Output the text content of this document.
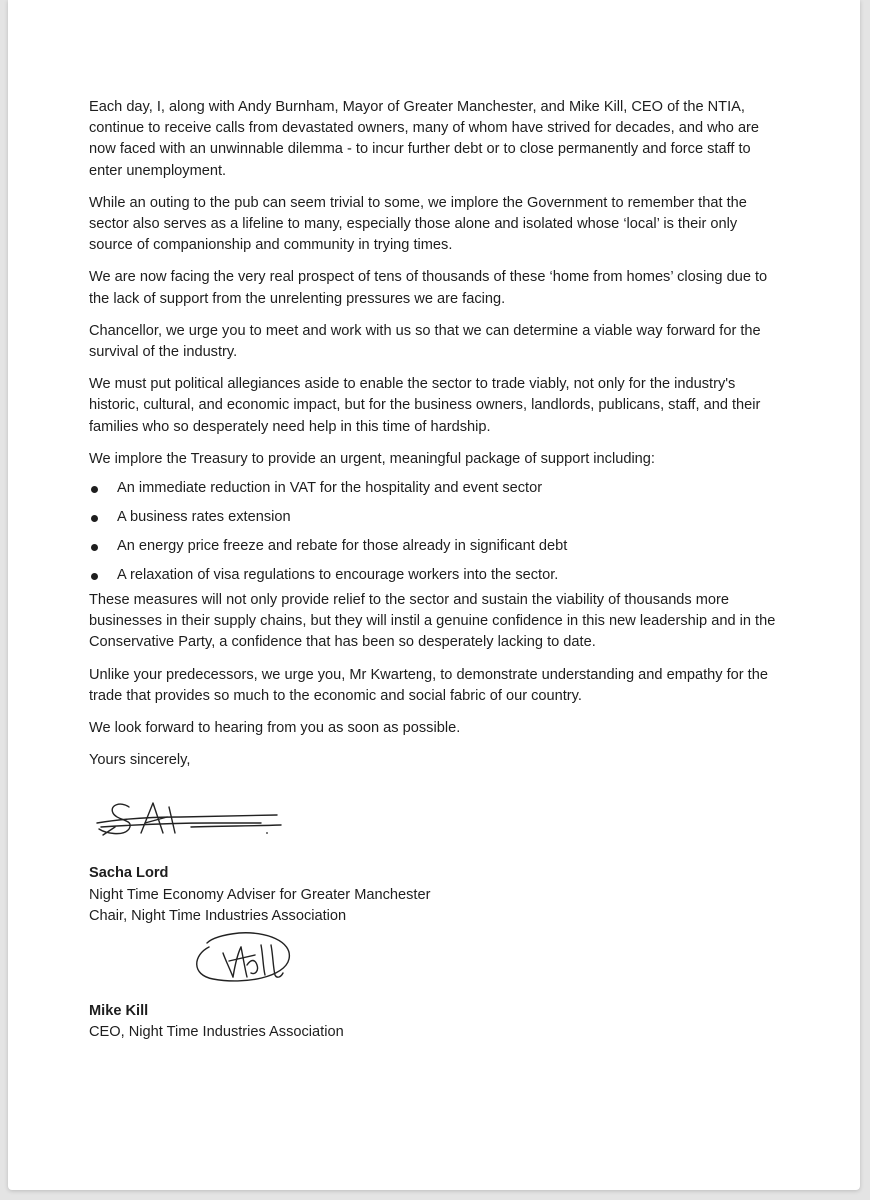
Each day, I, along with Andy Burnham, Mayor of Greater Manchester, and Mike Kill, CEO of the NTIA, continue to receive calls from devastated owners, many of whom have strived for decades, and who are now faced with an unwinnable dilemma - to incur further debt or to close permanently and force staff to enter unemployment.

While an outing to the pub can seem trivial to some, we implore the Government to remember that the sector also serves as a lifeline to many, especially those alone and isolated whose ‘local’ is their only source of companionship and community in trying times.

We are now facing the very real prospect of tens of thousands of these ‘home from homes’ closing due to the lack of support from the unrelenting pressures we are facing.

Chancellor, we urge you to meet and work with us so that we can determine a viable way forward for the survival of the industry.

We must put political allegiances aside to enable the sector to trade viably, not only for the industry's historic, cultural, and economic impact, but for the business owners, landlords, publicans, staff, and their families who so desperately need help in this time of hardship.

We implore the Treasury to provide an urgent, meaningful package of support including:

An immediate reduction in VAT for the hospitality and event sector
A business rates extension
An energy price freeze and rebate for those already in significant debt
A relaxation of visa regulations to encourage workers into the sector.

These measures will not only provide relief to the sector and sustain the viability of thousands more businesses in their supply chains, but they will instil a genuine confidence in this new leadership and in the Conservative Party, a confidence that has been so desperately lacking to date.

Unlike your predecessors, we urge you, Mr Kwarteng, to demonstrate understanding and empathy for the trade that provides so much to the economic and social fabric of our country.

We look forward to hearing from you as soon as possible.

Yours sincerely,

Sacha Lord

Night Time Economy Adviser for Greater Manchester

Chair, Night Time Industries Association

Mike Kill

CEO, Night Time Industries Association
